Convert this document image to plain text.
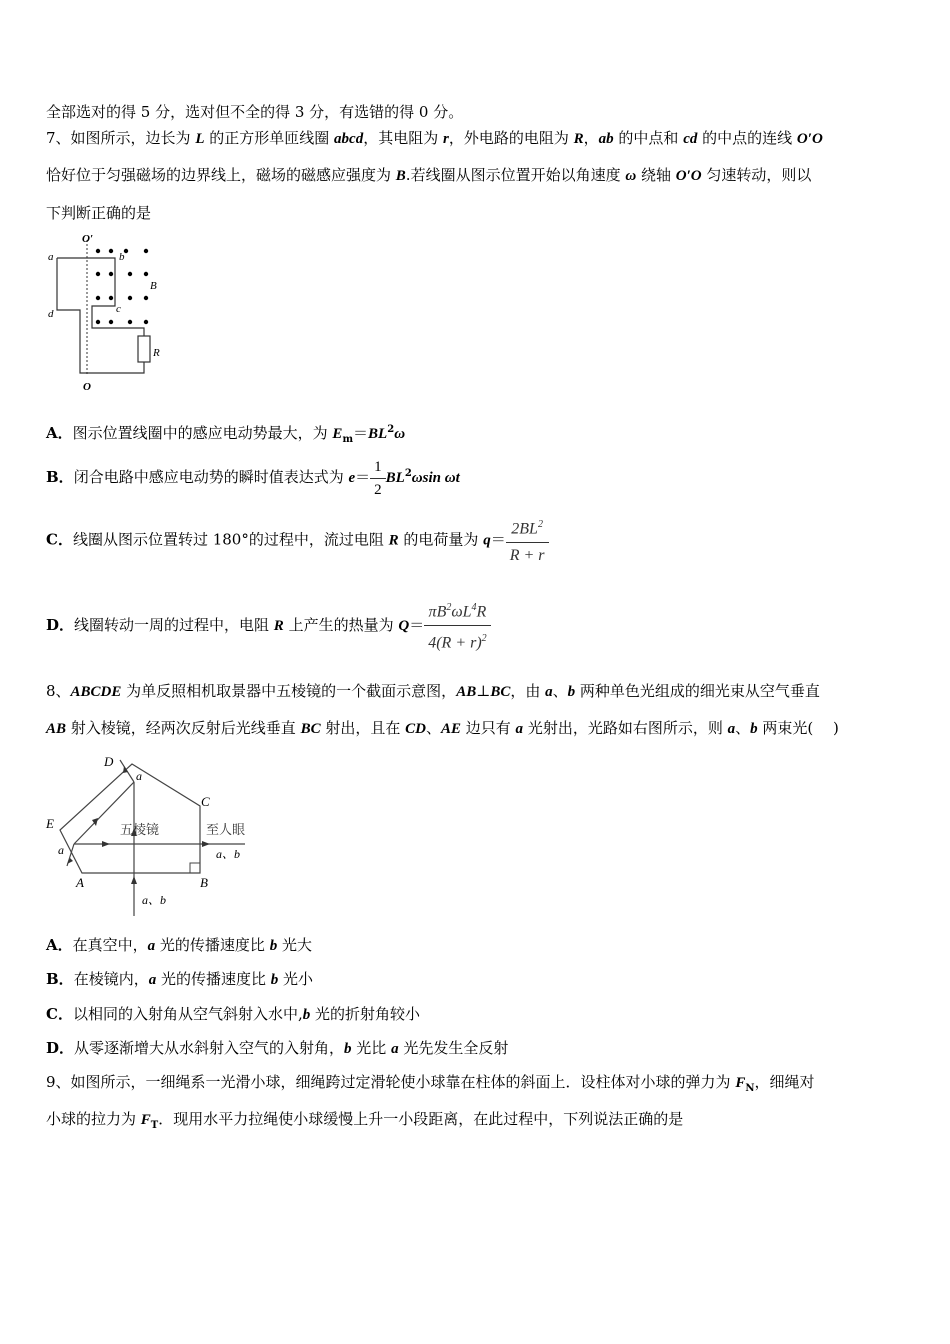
全部选对的得 5 分，选对但不全的得 3 分，有选错的得 0 分。
7、如图所示，边长为 L 的正方形单匝线圈 abcd，其电阻为 r，外电路的电阻为 R，ab 的中点和 cd 的中点的连线 O′O
恰好位于匀强磁场的边界线上，磁场的磁感应强度为 B.若线圈从图示位置开始以角速度 ω 绕轴 O′O 匀速转动，则以
下判断正确的是
O′
a	b
B
d	c
R
O
A．图示位置线圈中的感应电动势最大，为 $E_m=BL^2\omega$
B．闭合电路中感应电动势的瞬时值表达式为 $e= \frac{1}{2} BL^2\omega\sin$ ωt
C．线圈从图示位置转过 180°的过程中，流过电阻 R 的电荷量为 $q= \frac{2BL^2}{R + r}$
D．线圈转动一周的过程中，电阻 R 上产生的热量为 $Q= \frac{\pi B^2\omega L^4R}{4(R + r)^2}$
8、ABCDE 为单反照相机取景器中五棱镜的一个截面示意图，AB⊥BC，由 a、b 两种单色光组成的细光束从空气垂直
AB 射入棱镜，经两次反射后光线垂直 BC 射出，且在 CD、AE 边只有 a 光射出，光路如右图所示，则 a、b 两束光(　 )
D
a
C
E	五棱镜	至人眼
a	a、b
A	B
a、b
A．在真空中，a 光的传播速度比 b 光大
B．在棱镜内，a 光的传播速度比 b 光小
C．以相同的入射角从空气斜射入水中,b 光的折射角较小
D．从零逐渐增大从水斜射入空气的入射角，b 光比 a 光先发生全反射
9、如图所示，一细绳系一光滑小球，细绳跨过定滑轮使小球靠在柱体的斜面上．设柱体对小球的弹力为 $F_N$，细绳对
小球的拉力为 $F_T$．现用水平力拉绳使小球缓慢上升一小段距离，在此过程中，下列说法正确的是
